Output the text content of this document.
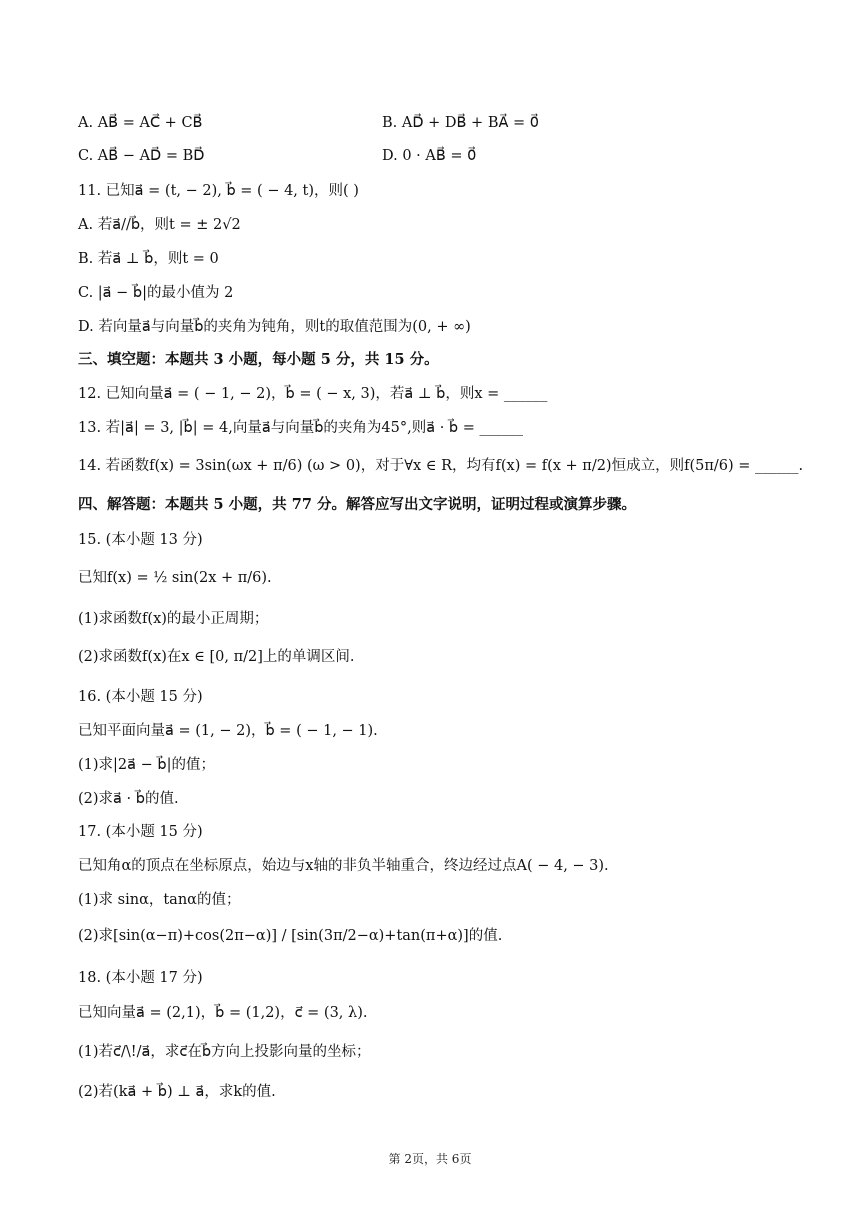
A. AB⃗ = AC⃗ + CB⃗	B. AD⃗ + DB⃗ + BA⃗ = 0⃗
C. AB⃗ − AD⃗ = BD⃗	D. 0 · AB⃗ = 0⃗
11. 已知a⃗ = (t, − 2), b⃗ = ( − 4, t)，则( )
A. 若a⃗//b⃗，则t = ± 2√2
B. 若a⃗ ⊥ b⃗，则t = 0
C. |a⃗ − b⃗|的最小值为 2
D. 若向量a⃗与向量b⃗的夹角为钝角，则t的取值范围为(0, + ∞)
三、填空题：本题共 3 小题，每小题 5 分，共 15 分。
12. 已知向量a⃗ = ( − 1, − 2)，b⃗ = ( − x, 3)，若a⃗ ⊥ b⃗，则x = ______
13. 若|a⃗| = 3, |b⃗| = 4,向量a⃗与向量b⃗的夹角为45°,则a⃗ · b⃗ = ______
14. 若函数f(x) = 3sin(ωx + π/6) (ω > 0)，对于∀x ∈ R，均有f(x) = f(x + π/2)恒成立，则f(5π/6) = ______.
四、解答题：本题共 5 小题，共 77 分。解答应写出文字说明，证明过程或演算步骤。
15. (本小题 13 分)
已知f(x) = ½ sin(2x + π/6).
(1)求函数f(x)的最小正周期；
(2)求函数f(x)在x ∈ [0, π/2]上的单调区间.
16. (本小题 15 分)
已知平面向量a⃗ = (1, − 2)，b⃗ = ( − 1, − 1).
(1)求|2a⃗ − b⃗|的值；
(2)求a⃗ · b⃗的值.
17. (本小题 15 分)
已知角α的顶点在坐标原点，始边与x轴的非负半轴重合，终边经过点A( − 4, − 3).
(1)求 sinα，tanα的值；
(2)求[sin(α−π)+cos(2π−α)] / [sin(3π/2−α)+tan(π+α)]的值.
18. (本小题 17 分)
已知向量a⃗ = (2,1)，b⃗ = (1,2)，c⃗ = (3, λ).
(1)若c⃗/\!/a⃗，求c⃗在b⃗方向上投影向量的坐标；
(2)若(ka⃗ + b⃗) ⊥ a⃗，求k的值.
第 2页，共 6页
